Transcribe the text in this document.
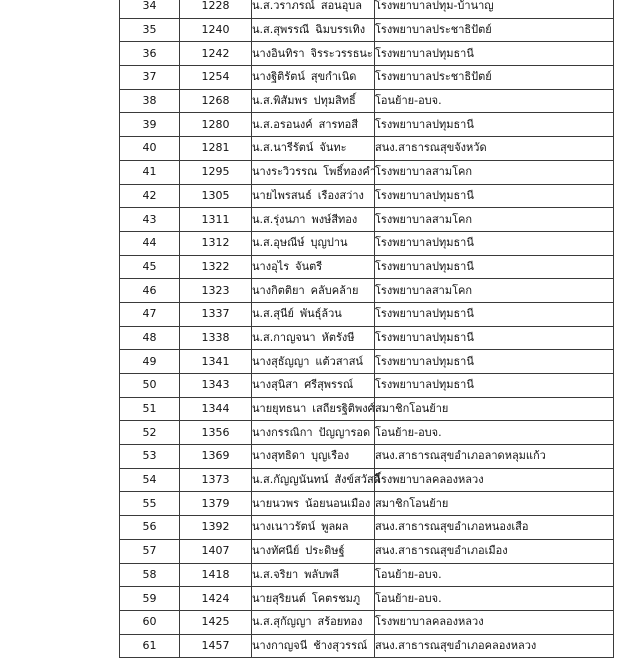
34	1228	น.ส.วราภรณ์ สอนอุบล	โรงพยาบาลปทุม-บ้านาญ
35	1240	น.ส.สุพรรณี ฉิมบรรเทิง	โรงพยาบาลประชาธิปัตย์
36	1242	นางอินทิรา จิรระวรรธนะ	โรงพยาบาลปทุมธานี
37	1254	นางฐิติรัตน์ สุขกำเนิด	โรงพยาบาลประชาธิปัตย์
38	1268	น.ส.พิสัมพร ปทุมสิทธิ์	โอนย้าย-อบจ.
39	1280	น.ส.อรอนงค์ สารทอสี	โรงพยาบาลปทุมธานี
40	1281	น.ส.นารีรัตน์ จันทะ	สนง.สาธารณสุขจังหวัด
41	1295	นางระวิวรรณ โพธิ์ทองคำ	โรงพยาบาลสามโคก
42	1305	นายไพรสนธ์ เรืองสว่าง	โรงพยาบาลปทุมธานี
43	1311	น.ส.รุ่งนภา พงษ์สีทอง	โรงพยาบาลสามโคก
44	1312	น.ส.อุษณีษ์ บุญปาน	โรงพยาบาลปทุมธานี
45	1322	นางอุไร จันตรี	โรงพยาบาลปทุมธานี
46	1323	นางกิตติยา คลับคล้าย	โรงพยาบาลสามโคก
47	1337	น.ส.สุนีย์ พันธุ์ล้วน	โรงพยาบาลปทุมธานี
48	1338	น.ส.กาญจนา หัตรังษี	โรงพยาบาลปทุมธานี
49	1341	นางสุธัญญา แต้วสาสน์	โรงพยาบาลปทุมธานี
50	1343	นางสุนิสา ศรีสุพรรณ์	โรงพยาบาลปทุมธานี
51	1344	นายยุทธนา เสถียรฐิติพงศ์	สมาชิกโอนย้าย
52	1356	นางกรรณิกา ปัญญารอด	โอนย้าย-อบจ.
53	1369	นางสุทธิดา บุญเรือง	สนง.สาธารณสุขอำเภอลาดหลุมแก้ว
54	1373	น.ส.กัญญนันทน์ สังข์สวัสดิ์	โรงพยาบาลคลองหลวง
55	1379	นายนวพร น้อยนอนเมือง	สมาชิกโอนย้าย
56	1392	นางเนาวรัตน์ พูลผล	สนง.สาธารณสุขอำเภอหนองเสือ
57	1407	นางทัศนีย์ ประดิษฐ์	สนง.สาธารณสุขอำเภอเมือง
58	1418	น.ส.จริยา พลับพลี	โอนย้าย-อบจ.
59	1424	นายสุริยนต์ โคตรชมภู	โอนย้าย-อบจ.
60	1425	น.ส.สุกัญญา สร้อยทอง	โรงพยาบาลคลองหลวง
61	1457	นางกาญจนี ช้างสุวรรณ์	สนง.สาธารณสุขอำเภอคลองหลวง
